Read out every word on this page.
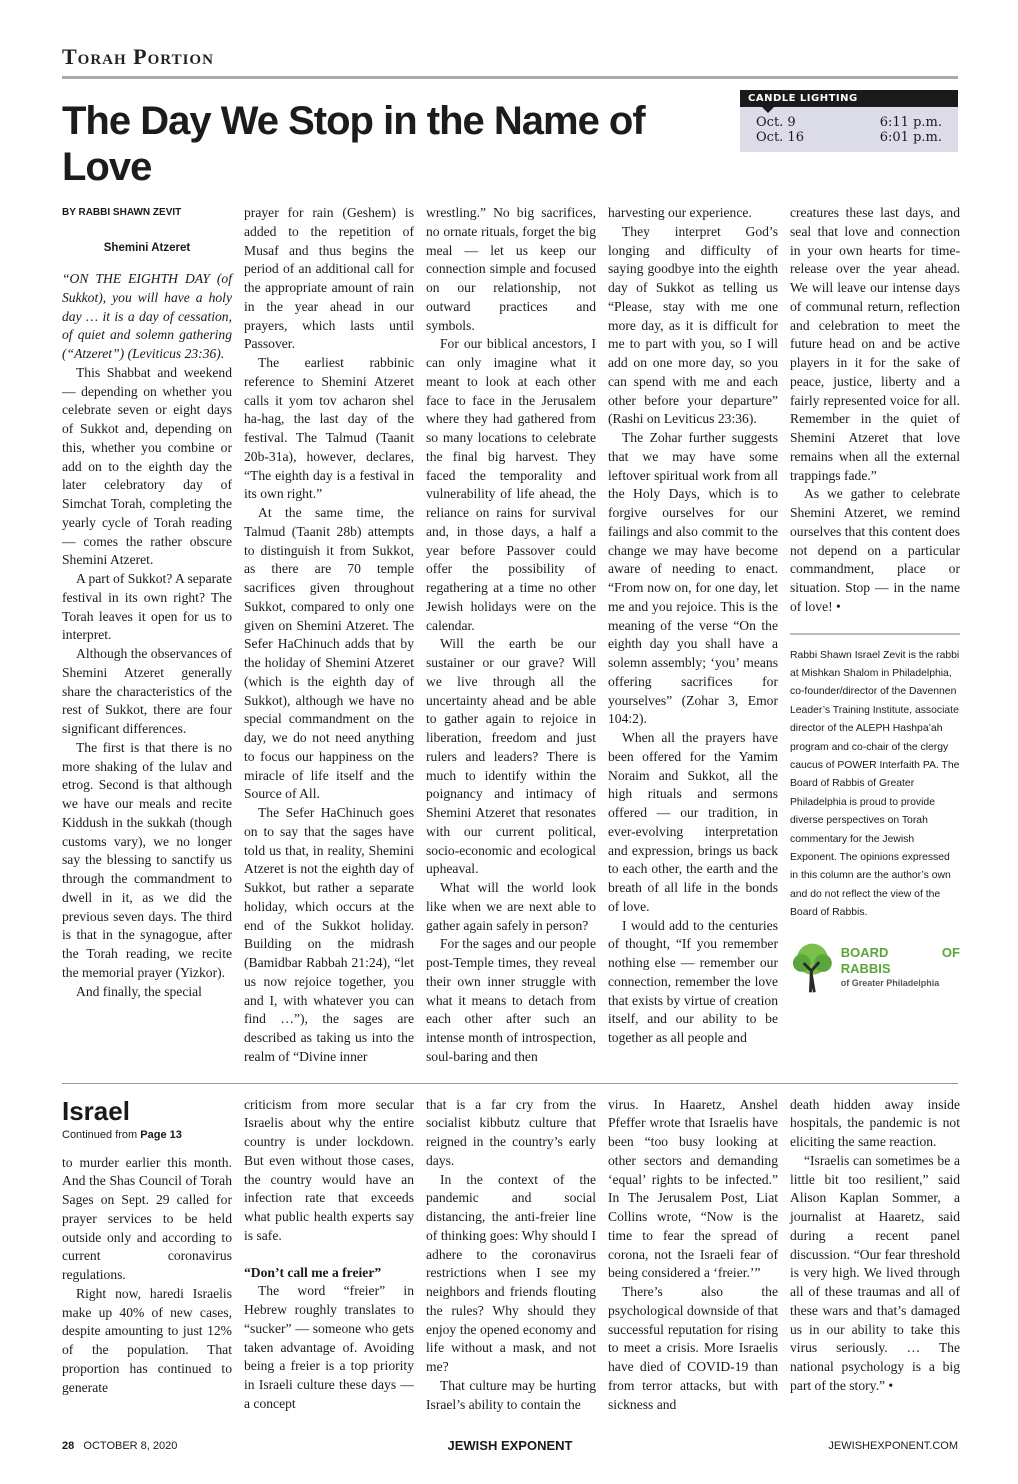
Torah Portion
The Day We Stop in the Name of Love
CANDLE LIGHTING
Oct. 9	6:11 p.m.
Oct. 16	6:01 p.m.
BY RABBI SHAWN ZEVIT
Shemini Atzeret

“ON THE EIGHTH DAY (of Sukkot), you will have a holy day … it is a day of cessation, of quiet and solemn gathering (“Atzeret”) (Leviticus 23:36).

This Shabbat and weekend — depending on whether you celebrate seven or eight days of Sukkot and, depending on this, whether you combine or add on to the eighth day the later celebratory day of Simchat Torah, completing the yearly cycle of Torah reading — comes the rather obscure Shemini Atzeret.

A part of Sukkot? A separate festival in its own right? The Torah leaves it open for us to interpret.

Although the observances of Shemini Atzeret generally share the characteristics of the rest of Sukkot, there are four significant differences.

The first is that there is no more shaking of the lulav and etrog. Second is that although we have our meals and recite Kiddush in the sukkah (though customs vary), we no longer say the blessing to sanctify us through the commandment to dwell in it, as we did the previous seven days. The third is that in the synagogue, after the Torah reading, we recite the memorial prayer (Yizkor).

And finally, the special

prayer for rain (Geshem) is added to the repetition of Musaf and thus begins the period of an additional call for the appropriate amount of rain in the year ahead in our prayers, which lasts until Passover.

The earliest rabbinic reference to Shemini Atzeret calls it yom tov acharon shel ha-hag, the last day of the festival. The Talmud (Taanit 20b-31a), however, declares, “The eighth day is a festival in its own right.”

At the same time, the Talmud (Taanit 28b) attempts to distinguish it from Sukkot, as there are 70 temple sacrifices given throughout Sukkot, compared to only one given on Shemini Atzeret. The Sefer HaChinuch adds that by the holiday of Shemini Atzeret (which is the eighth day of Sukkot), although we have no special commandment on the day, we do not need anything to focus our happiness on the miracle of life itself and the Source of All.

The Sefer HaChinuch goes on to say that the sages have told us that, in reality, Shemini Atzeret is not the eighth day of Sukkot, but rather a separate holiday, which occurs at the end of the Sukkot holiday. Building on the midrash (Bamidbar Rabbah 21:24), “let us now rejoice together, you and I, with whatever you can find …”), the sages are described as taking us into the realm of “Divine inner

wrestling.” No big sacrifices, no ornate rituals, forget the big meal — let us keep our connection simple and focused on our relationship, not outward practices and symbols.

For our biblical ancestors, I can only imagine what it meant to look at each other face to face in the Jerusalem where they had gathered from so many locations to celebrate the final big harvest. They faced the temporality and vulnerability of life ahead, the reliance on rains for survival and, in those days, a half a year before Passover could offer the possibility of regathering at a time no other Jewish holidays were on the calendar.

Will the earth be our sustainer or our grave? Will we live through all the uncertainty ahead and be able to gather again to rejoice in liberation, freedom and just rulers and leaders? There is much to identify within the poignancy and intimacy of Shemini Atzeret that resonates with our current political, socio-economic and ecological upheaval.

What will the world look like when we are next able to gather again safely in person?

For the sages and our people post-Temple times, they reveal their own inner struggle with what it means to detach from each other after such an intense month of introspection, soul-baring and then

harvesting our experience.

They interpret God’s longing and difficulty of saying goodbye into the eighth day of Sukkot as telling us “Please, stay with me one more day, as it is difficult for me to part with you, so I will add on one more day, so you can spend with me and each other before your departure” (Rashi on Leviticus 23:36).

The Zohar further suggests that we may have some leftover spiritual work from all the Holy Days, which is to forgive ourselves for our failings and also commit to the change we may have become aware of needing to enact. “From now on, for one day, let me and you rejoice. This is the meaning of the verse “On the eighth day you shall have a solemn assembly; ‘you’ means offering sacrifices for yourselves” (Zohar 3, Emor 104:2).

When all the prayers have been offered for the Yamim Noraim and Sukkot, all the high rituals and sermons offered — our tradition, in ever-evolving interpretation and expression, brings us back to each other, the earth and the breath of all life in the bonds of love.

I would add to the centuries of thought, “If you remember nothing else — remember our connection, remember the love that exists by virtue of creation itself, and our ability to be together as all people and

creatures these last days, and seal that love and connection in your own hearts for time-release over the year ahead. We will leave our intense days of communal return, reflection and celebration to meet the future head on and be active players in it for the sake of peace, justice, liberty and a fairly represented voice for all. Remember in the quiet of Shemini Atzeret that love remains when all the external trappings fade.”

As we gather to celebrate Shemini Atzeret, we remind ourselves that this content does not depend on a particular commandment, place or situation. Stop — in the name of love! •

Rabbi Shawn Israel Zevit is the rabbi at Mishkan Shalom in Philadelphia, co-founder/director of the Davennen Leader’s Training Institute, associate director of the ALEPH Hashpa’ah program and co-chair of the clergy caucus of POWER Interfaith PA. The Board of Rabbis of Greater Philadelphia is proud to provide diverse perspectives on Torah commentary for the Jewish Exponent. The opinions expressed in this column are the author’s own and do not reflect the view of the Board of Rabbis.
BOARD OF RABBIS
of Greater Philadelphia
Israel
Continued from Page 13

to murder earlier this month. And the Shas Council of Torah Sages on Sept. 29 called for prayer services to be held outside only and according to current coronavirus regulations.

Right now, haredi Israelis make up 40% of new cases, despite amounting to just 12% of the population. That proportion has continued to generate

criticism from more secular Israelis about why the entire country is under lockdown. But even without those cases, the country would have an infection rate that exceeds what public health experts say is safe.

“Don’t call me a freier”

The word “freier” in Hebrew roughly translates to “sucker” — someone who gets taken advantage of. Avoiding being a freier is a top priority in Israeli culture these days — a concept

that is a far cry from the socialist kibbutz culture that reigned in the country’s early days.

In the context of the pandemic and social distancing, the anti-freier line of thinking goes: Why should I adhere to the coronavirus restrictions when I see my neighbors and friends flouting the rules? Why should they enjoy the opened economy and life without a mask, and not me?

That culture may be hurting Israel’s ability to contain the

virus. In Haaretz, Anshel Pfeffer wrote that Israelis have been “too busy looking at other sectors and demanding ‘equal’ rights to be infected.” In The Jerusalem Post, Liat Collins wrote, “Now is the time to fear the spread of corona, not the Israeli fear of being considered a ‘freier.’”

There’s also the psychological downside of that successful reputation for rising to meet a crisis. More Israelis have died of COVID-19 than from terror attacks, but with sickness and

death hidden away inside hospitals, the pandemic is not eliciting the same reaction.

“Israelis can sometimes be a little bit too resilient,” said Alison Kaplan Sommer, a journalist at Haaretz, said during a recent panel discussion. “Our fear threshold is very high. We lived through all of these traumas and all of these wars and that’s damaged us in our ability to take this virus seriously. … The national psychology is a big part of the story.” •

28 OCTOBER 8, 2020	JEWISH EXPONENT	JEWISHEXPONENT.COM
